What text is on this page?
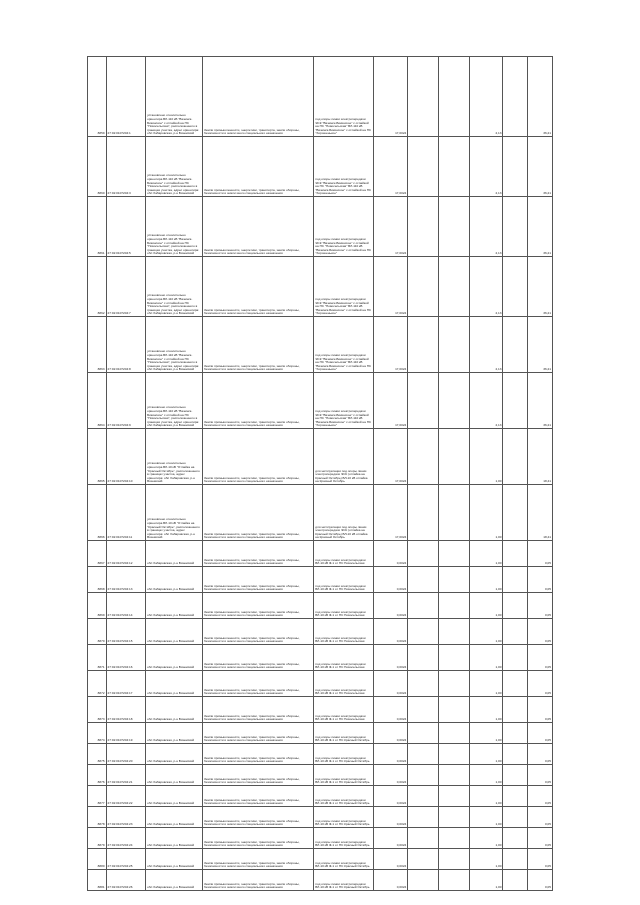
8859	27:02:0107204:1	установлено относительно ориентира ВЛ-110 кВ "Вяземск-Бикинское" с отпайкой на ПС "Новосельская", расположенного в границах участка, адрес ориентира: обл Хабаровская, р-н Вяземский	Земли промышленности, энергетики, транспорта, земли обороны, безопасности и земли иного специального назначения	под опоры линии электропередачи ЭСК "Вяземск-Бикинское" с отпайкой на ПС "Новосельская" ВЛ-110 кВ "Вяземск-Бикинское" с отпайкой на ПС "Хорошенькое"	17,0024			2,13		36,21
8860	27:02:0107204:3	установлено относительно ориентира ВЛ-110 кВ "Вяземск-Бикинское" с отпайкой на ПС "Новосельская", расположенного в границах участка, адрес ориентира: обл Хабаровская, р-н Вяземский	Земли промышленности, энергетики, транспорта, земли обороны, безопасности и земли иного специального назначения	под опоры линии электропередачи ЭСК "Вяземск-Бикинское" с отпайкой на ПС "Новосельская" ВЛ-110 кВ "Вяземск-Бикинское" с отпайкой на ПС "Хорошенькое"	17,0024			2,13		36,21
8861	27:02:0107204:5	установлено относительно ориентира ВЛ-110 кВ "Вяземск-Бикинское" с отпайкой на ПС "Новосельская", расположенного в границах участка, адрес ориентира: обл Хабаровская, р-н Вяземский	Земли промышленности, энергетики, транспорта, земли обороны, безопасности и земли иного специального назначения	под опоры линии электропередачи ЭСК "Вяземск-Бикинское" с отпайкой на ПС "Новосельская" ВЛ-110 кВ "Вяземск-Бикинское" с отпайкой на ПС "Хорошенькое"	17,0024			2,13		36,21
8862	27:02:0107204:7	установлено относительно ориентира ВЛ-110 кВ "Вяземск-Бикинское" с отпайкой на ПС "Новосельская", расположенного в границах участка, адрес ориентира: обл Хабаровская, р-н Вяземский	Земли промышленности, энергетики, транспорта, земли обороны, безопасности и земли иного специального назначения	под опоры линии электропередачи ЭСК "Вяземск-Бикинское" с отпайкой на ПС "Новосельская" ВЛ-110 кВ "Вяземск-Бикинское" с отпайкой на ПС "Хорошенькое"	17,0024			2,13		36,21
8863	27:02:0107204:8	установлено относительно ориентира ВЛ-110 кВ "Вяземск-Бикинское" с отпайкой на ПС "Новосельская", расположенного в границах участка, адрес ориентира: обл Хабаровская, р-н Вяземский	Земли промышленности, энергетики, транспорта, земли обороны, безопасности и земли иного специального назначения	под опоры линии электропередачи ЭСК "Вяземск-Бикинское" с отпайкой на ПС "Новосельская" ВЛ-110 кВ "Вяземск-Бикинское" с отпайкой на ПС "Хорошенькое"	17,0024			2,13		36,21
8864	27:02:0107204:9	установлено относительно ориентира ВЛ-110 кВ "Вяземск-Бикинское" с отпайкой на ПС "Новосельская", расположенного в границах участка, адрес ориентира: обл Хабаровская, р-н Вяземский	Земли промышленности, энергетики, транспорта, земли обороны, безопасности и земли иного специального назначения	под опоры линии электропередачи ЭСК "Вяземск-Бикинское" с отпайкой на ПС "Новосельская" ВЛ-110 кВ "Вяземск-Бикинское" с отпайкой на ПС "Хорошенькое"	17,0024			2,13		36,21
8865	27:02:0107204:10	установлено относительно ориентира ВЛ-10 кВ "Отпайка на "Красный Октябрь", расположенного в границах участка, адрес ориентира: обл Хабаровская, р-н Вяземский	Земли промышленности, энергетики, транспорта, земли обороны, безопасности и земли иного специального назначения	для эксплуатации под опоры линии электропередачи ЭСК (отпайка на Красный Октябрь) ВЛ-10 кВ отпайка на Красный Октябрь	17,0024			1,00		18,41
8866	27:02:0107204:11	установлено относительно ориентира ВЛ-10 кВ "Отпайка на "Красный Октябрь", расположенного в границах участка, адрес ориентира: обл Хабаровская, р-н Вяземский	Земли промышленности, энергетики, транспорта, земли обороны, безопасности и земли иного специального назначения	для эксплуатации под опоры линии электропередачи ЭСК (отпайка на Красный Октябрь) ВЛ-10 кВ отпайка на Красный Октябрь	17,0024			1,00		18,41
8867	27:02:0107204:12	обл Хабаровская, р-н Вяземский	Земли промышленности, энергетики, транспорта, земли обороны, безопасности и земли иного специального назначения	под опоры линии электропередачи ВЛ-10 кВ Ф-1 от ПС Новосельская	0,0024			1,00		0,05
8868	27:02:0107204:13	обл Хабаровская, р-н Вяземский	Земли промышленности, энергетики, транспорта, земли обороны, безопасности и земли иного специального назначения	под опоры линии электропередачи ВЛ-10 кВ Ф-1 от ПС Новосельская	0,0024			1,00		0,05
8869	27:02:0107204:14	обл Хабаровская, р-н Вяземский	Земли промышленности, энергетики, транспорта, земли обороны, безопасности и земли иного специального назначения	под опоры линии электропередачи ВЛ-10 кВ Ф-1 от ПС Новосельская	0,0024			1,00		0,05
8870	27:02:0107204:15	обл Хабаровская, р-н Вяземский	Земли промышленности, энергетики, транспорта, земли обороны, безопасности и земли иного специального назначения	под опоры линии электропередачи ВЛ-10 кВ Ф-1 от ПС Новосельская	0,0024			1,00		0,05
8871	27:02:0107204:16	обл Хабаровская, р-н Вяземский	Земли промышленности, энергетики, транспорта, земли обороны, безопасности и земли иного специального назначения	под опоры линии электропередачи ВЛ-10 кВ Ф-1 от ПС Новосельская	0,0024			1,00		0,05
8872	27:02:0107204:17	обл Хабаровская, р-н Вяземский	Земли промышленности, энергетики, транспорта, земли обороны, безопасности и земли иного специального назначения	под опоры линии электропередачи ВЛ-10 кВ Ф-1 от ПС Новосельская	0,0024			1,00		0,05
8873	27:02:0107204:18	обл Хабаровская, р-н Вяземский	Земли промышленности, энергетики, транспорта, земли обороны, безопасности и земли иного специального назначения	под опоры линии электропередачи ВЛ-10 кВ Ф-1 от ПС Новосельская	0,0024			1,00		0,05
8874	27:02:0107204:19	обл Хабаровская, р-н Вяземский	Земли промышленности, энергетики, транспорта, земли обороны, безопасности и земли иного специального назначения	под опоры линии электропередачи ВЛ-10 кВ Ф-1 от ПС Красный Октябрь	0,0024			1,00		0,05
8875	27:02:0107204:20	обл Хабаровская, р-н Вяземский	Земли промышленности, энергетики, транспорта, земли обороны, безопасности и земли иного специального назначения	под опоры линии электропередачи ВЛ-10 кВ Ф-1 от ПС Красный Октябрь	0,0024			1,00		0,05
8876	27:02:0107204:21	обл Хабаровская, р-н Вяземский	Земли промышленности, энергетики, транспорта, земли обороны, безопасности и земли иного специального назначения	под опоры линии электропередачи ВЛ-10 кВ Ф-1 от ПС Красный Октябрь	0,0024			1,00		0,05
8877	27:02:0107204:22	обл Хабаровская, р-н Вяземский	Земли промышленности, энергетики, транспорта, земли обороны, безопасности и земли иного специального назначения	под опоры линии электропередачи ВЛ-10 кВ Ф-1 от ПС Красный Октябрь	0,0024			1,00		0,05
8878	27:02:0107204:23	обл Хабаровская, р-н Вяземский	Земли промышленности, энергетики, транспорта, земли обороны, безопасности и земли иного специального назначения	под опоры линии электропередачи ВЛ-10 кВ Ф-1 от ПС Красный Октябрь	0,0024			1,00		0,05
8879	27:02:0107204:24	обл Хабаровская, р-н Вяземский	Земли промышленности, энергетики, транспорта, земли обороны, безопасности и земли иного специального назначения	под опоры линии электропередачи ВЛ-10 кВ Ф-1 от ПС Красный Октябрь	0,0024			1,00		0,05
8880	27:02:0107204:25	обл Хабаровская, р-н Вяземский	Земли промышленности, энергетики, транспорта, земли обороны, безопасности и земли иного специального назначения	под опоры линии электропередачи ВЛ-10 кВ Ф-1 от ПС Красный Октябрь	0,0024			1,00		0,05
8881	27:02:0107204:26	обл Хабаровская, р-н Вяземский	Земли промышленности, энергетики, транспорта, земли обороны, безопасности и земли иного специального назначения	под опоры линии электропередачи ВЛ-10 кВ Ф-1 от ПС Красный Октябрь	0,0024			1,00		0,05
